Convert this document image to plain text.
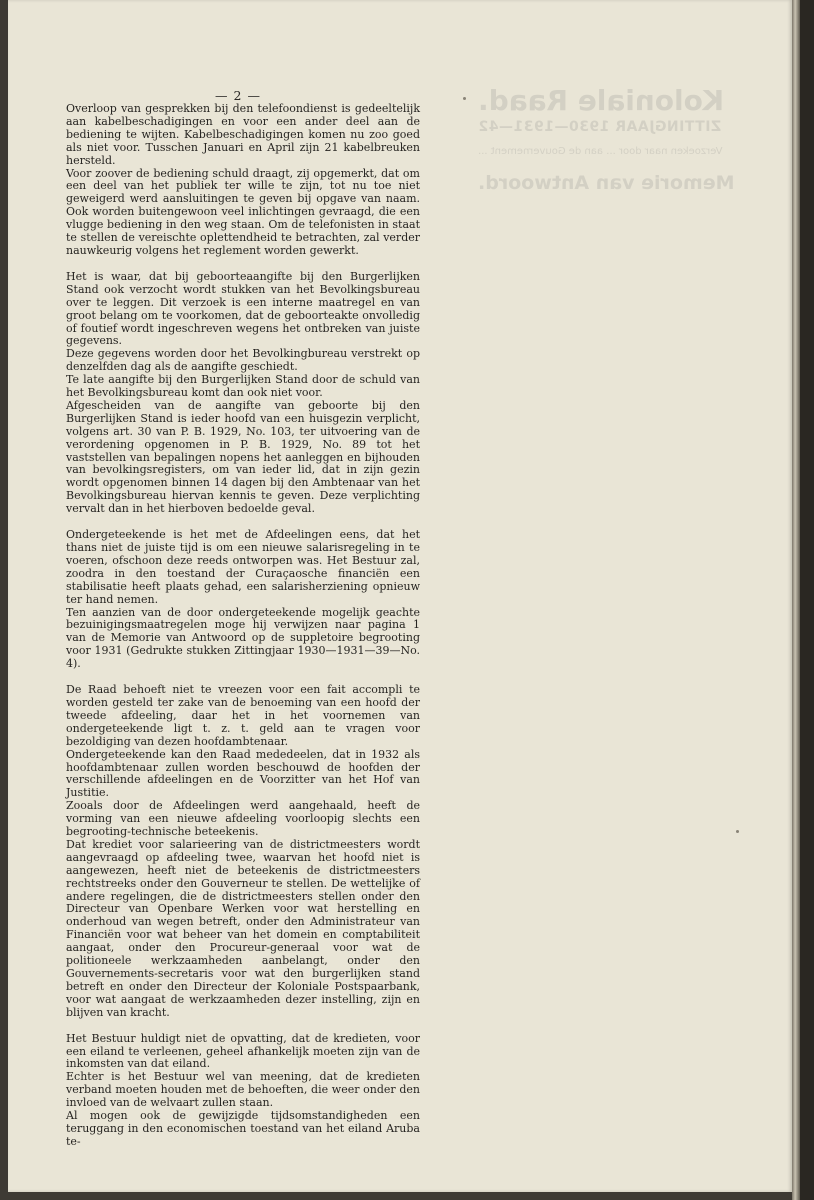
Koloniale Raad.
ZITTINGJAAR 1930—1931—42
Verzoeken naar door ... aan de Gouvernement ...
Memorie van Antwoord.
— 2 —

Overloop van gesprekken bij den telefoondienst is gedeeltelijk aan kabelbeschadigingen en voor een ander deel aan de bediening te wijten. Kabelbeschadigingen komen nu zoo goed als niet voor. Tusschen Januari en April zijn 21 kabelbreuken hersteld.

Voor zoover de bediening schuld draagt, zij opgemerkt, dat om een deel van het publiek ter wille te zijn, tot nu toe niet geweigerd werd aansluitingen te geven bij opgave van naam. Ook worden buitengewoon veel inlichtingen gevraagd, die een vlugge bediening in den weg staan. Om de telefonisten in staat te stellen de vereischte oplettendheid te betrachten, zal verder nauwkeurig volgens het reglement worden gewerkt.

Het is waar, dat bij geboorteaangifte bij den Burgerlijken Stand ook verzocht wordt stukken van het Bevolkingsbureau over te leggen. Dit verzoek is een interne maatregel en van groot belang om te voorkomen, dat de geboorteakte onvolledig of foutief wordt ingeschreven wegens het ontbreken van juiste gegevens.

Deze gegevens worden door het Bevolkingbureau verstrekt op denzelfden dag als de aangifte geschiedt.

Te late aangifte bij den Burgerlijken Stand door de schuld van het Bevolkingsbureau komt dan ook niet voor.

Afgescheiden van de aangifte van geboorte bij den Burgerlijken Stand is ieder hoofd van een huisgezin verplicht, volgens art. 30 van P. B. 1929, No. 103, ter uitvoering van de verordening opgenomen in P. B. 1929, No. 89 tot het vaststellen van bepalingen nopens het aanleggen en bijhouden van bevolkingsregisters, om van ieder lid, dat in zijn gezin wordt opgenomen binnen 14 dagen bij den Ambtenaar van het Bevolkingsbureau hiervan kennis te geven. Deze verplichting vervalt dan in het hierboven bedoelde geval.

Ondergeteekende is het met de Afdeelingen eens, dat het thans niet de juiste tijd is om een nieuwe salarisregeling in te voeren, ofschoon deze reeds ontworpen was. Het Bestuur zal, zoodra in den toestand der Curaçaosche financiën een stabilisatie heeft plaats gehad, een salarisherziening opnieuw ter hand nemen.

Ten aanzien van de door ondergeteekende mogelijk geachte bezuinigingsmaatregelen moge hij verwijzen naar pagina 1 van de Memorie van Antwoord op de suppletoire begrooting voor 1931 (Gedrukte stukken Zittingjaar 1930—1931—39—No. 4).

De Raad behoeft niet te vreezen voor een fait accompli te worden gesteld ter zake van de benoeming van een hoofd der tweede afdeeling, daar het in het voornemen van ondergeteekende ligt t. z. t. geld aan te vragen voor bezoldiging van dezen hoofdambtenaar.

Ondergeteekende kan den Raad mededeelen, dat in 1932 als hoofdambtenaar zullen worden beschouwd de hoofden der verschillende afdeelingen en de Voorzitter van het Hof van Justitie.

Zooals door de Afdeelingen werd aangehaald, heeft de vorming van een nieuwe afdeeling voorloopig slechts een begrooting-technische beteekenis.

Dat krediet voor salarieering van de districtmeesters wordt aangevraagd op afdeeling twee, waarvan het hoofd niet is aangewezen, heeft niet de beteekenis de districtmeesters rechtstreeks onder den Gouverneur te stellen. De wettelijke of andere regelingen, die de districtmeesters stellen onder den Directeur van Openbare Werken voor wat herstelling en onderhoud van wegen betreft, onder den Administrateur van Financiën voor wat beheer van het domein en comptabiliteit aangaat, onder den Procureur-generaal voor wat de politioneele werkzaamheden aanbelangt, onder den Gouvernements-secretaris voor wat den burgerlijken stand betreft en onder den Directeur der Koloniale Postspaarbank, voor wat aangaat de werkzaamheden dezer instelling, zijn en blijven van kracht.

Het Bestuur huldigt niet de opvatting, dat de kredieten, voor een eiland te verleenen, geheel afhankelijk moeten zijn van de inkomsten van dat eiland.

Echter is het Bestuur wel van meening, dat de kredieten verband moeten houden met de behoeften, die weer onder den invloed van de welvaart zullen staan.

Al mogen ook de gewijzigde tijdsomstandigheden een teruggang in den economischen toestand van het eiland Aruba te-
